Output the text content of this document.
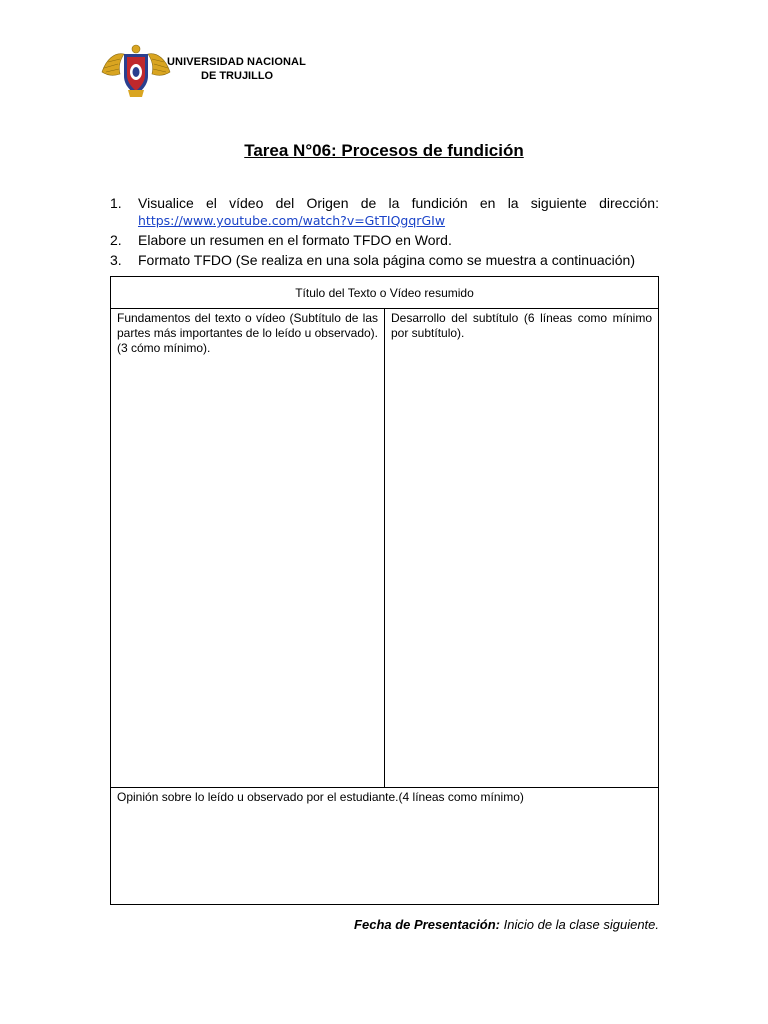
UNIVERSIDAD NACIONAL
DE TRUJILLO
Tarea N°06: Procesos de fundición
1. Visualice el vídeo del Origen de la fundición en la siguiente dirección:
https://www.youtube.com/watch?v=GtTIQgqrGIw
2. Elabore un resumen en el formato TFDO en Word.
3. Formato TFDO (Se realiza en una sola página como se muestra a continuación)
Título del Texto o Vídeo resumido
Fundamentos del texto o vídeo (Subtítulo de las partes más importantes de lo leído u observado).(3 cómo mínimo).
Desarrollo del subtítulo (6 líneas como mínimo por subtítulo).
Opinión sobre lo leído u observado por el estudiante.(4 líneas como mínimo)
Fecha de Presentación: Inicio de la clase siguiente.
